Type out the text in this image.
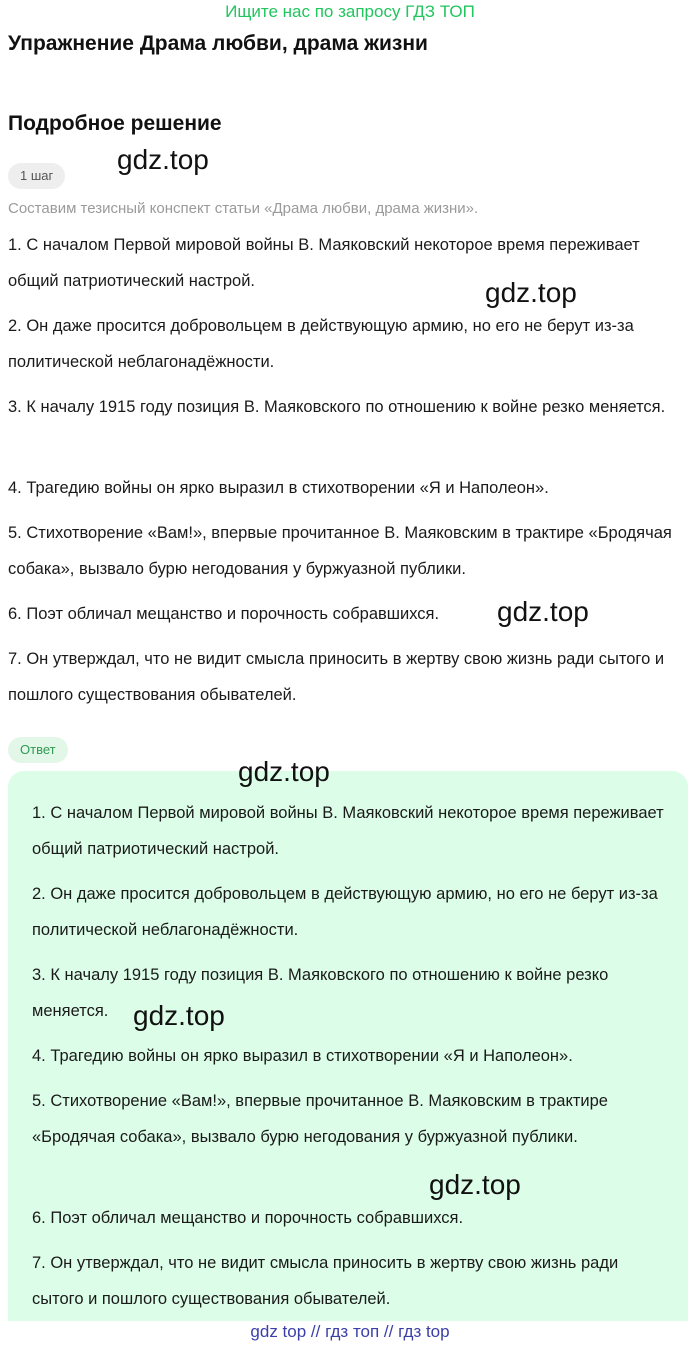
Ищите нас по запросу ГДЗ ТОП
Упражнение Драма любви, драма жизни
Подробное решение
1 шаг
Составим тезисный конспект статьи «Драма любви, драма жизни».

1. С началом Первой мировой войны В. Маяковский некоторое время переживает общий патриотический настрой.

2. Он даже просится добровольцем в действующую армию, но его не берут из-за политической неблагонадёжности.

3. К началу 1915 году позиция В. Маяковского по отношению к войне резко меняется.

4. Трагедию войны он ярко выразил в стихотворении «Я и Наполеон».

5. Стихотворение «Вам!», впервые прочитанное В. Маяковским в трактире «Бродячая собака», вызвало бурю негодования у буржуазной публики.

6. Поэт обличал мещанство и порочность собравшихся.

7. Он утверждал, что не видит смысла приносить в жертву свою жизнь ради сытого и пошлого существования обывателей.

Ответ

1. С началом Первой мировой войны В. Маяковский некоторое время переживает общий патриотический настрой.

2. Он даже просится добровольцем в действующую армию, но его не берут из-за политической неблагонадёжности.

3. К началу 1915 году позиция В. Маяковского по отношению к войне резко меняется.

4. Трагедию войны он ярко выразил в стихотворении «Я и Наполеон».

5. Стихотворение «Вам!», впервые прочитанное В. Маяковским в трактире «Бродячая собака», вызвало бурю негодования у буржуазной публики.

6. Поэт обличал мещанство и порочность собравшихся.

7. Он утверждал, что не видит смысла приносить в жертву свою жизнь ради сытого и пошлого существования обывателей.

gdz.top
gdz.top
gdz.top
gdz.top
gdz.top
gdz.top
gdz top // гдз топ // гдз top
